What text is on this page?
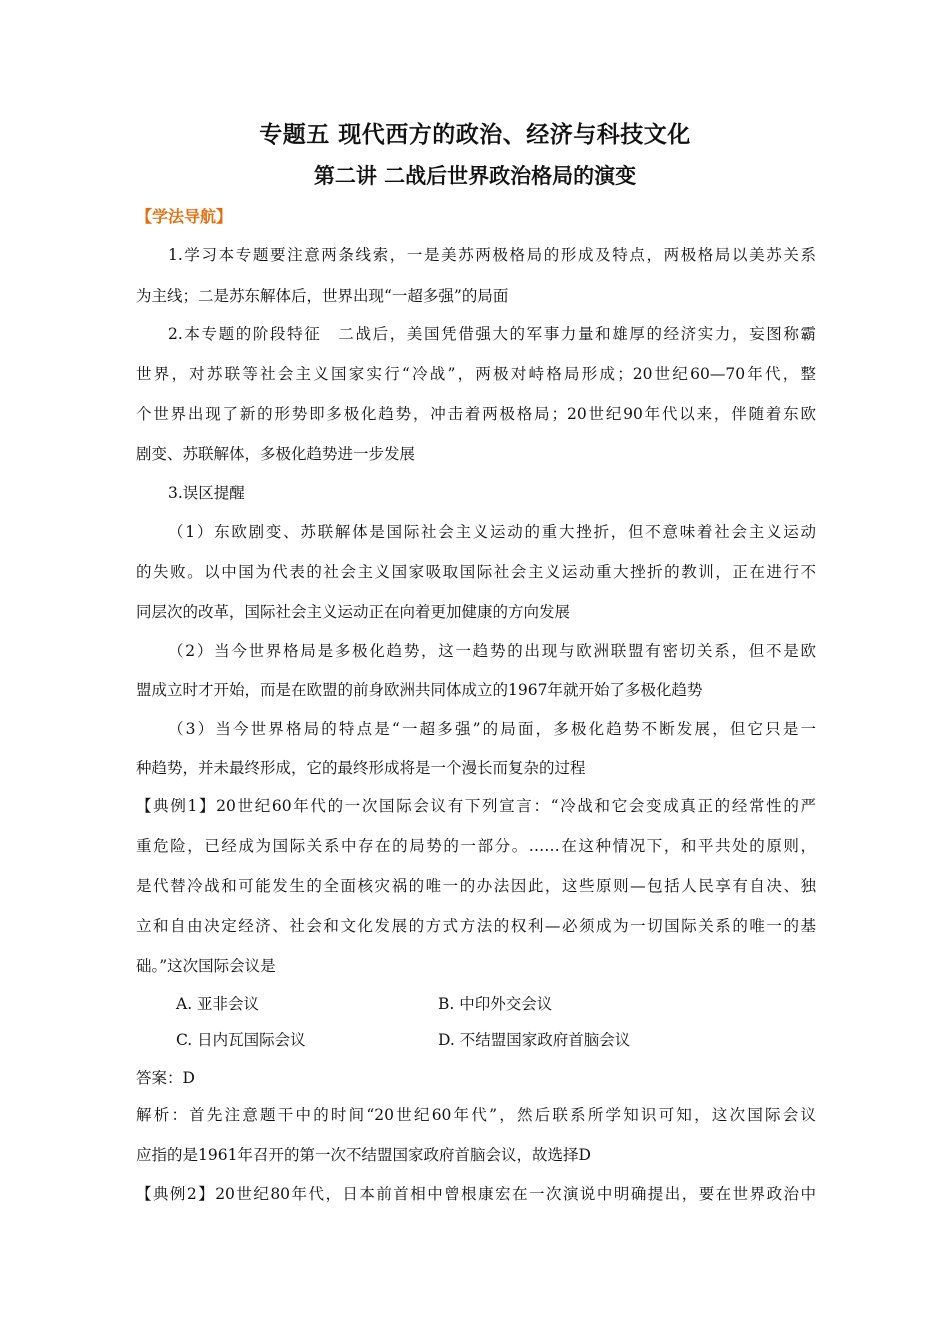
专题五 现代西方的政治、经济与科技文化
第二讲 二战后世界政治格局的演变
【学法导航】
1.学习本专题要注意两条线索，一是美苏两极格局的形成及特点，两极格局以美苏关系
为主线；二是苏东解体后，世界出现“一超多强”的局面
2.本专题的阶段特征　二战后，美国凭借强大的军事力量和雄厚的经济实力，妄图称霸
世界，对苏联等社会主义国家实行“冷战”，两极对峙格局形成；20世纪60—70年代，整
个世界出现了新的形势即多极化趋势，冲击着两极格局；20世纪90年代以来，伴随着东欧
剧变、苏联解体，多极化趋势进一步发展
3.误区提醒
（1）东欧剧变、苏联解体是国际社会主义运动的重大挫折，但不意味着社会主义运动
的失败。以中国为代表的社会主义国家吸取国际社会主义运动重大挫折的教训，正在进行不
同层次的改革，国际社会主义运动正在向着更加健康的方向发展
（2）当今世界格局是多极化趋势，这一趋势的出现与欧洲联盟有密切关系，但不是欧
盟成立时才开始，而是在欧盟的前身欧洲共同体成立的1967年就开始了多极化趋势
（3）当今世界格局的特点是“一超多强”的局面，多极化趋势不断发展，但它只是一
种趋势，并未最终形成，它的最终形成将是一个漫长而复杂的过程
【典例1】20世纪60年代的一次国际会议有下列宣言：“冷战和它会变成真正的经常性的严
重危险，已经成为国际关系中存在的局势的一部分。……在这种情况下，和平共处的原则，
是代替冷战和可能发生的全面核灾祸的唯一的办法因此，这些原则—包括人民享有自决、独
立和自由决定经济、社会和文化发展的方式方法的权利—必须成为一切国际关系的唯一的基
础。”这次国际会议是
A. 亚非会议	B. 中印外交会议
C. 日内瓦国际会议	D. 不结盟国家政府首脑会议
答案：D
解析：首先注意题干中的时间“20世纪60年代”，然后联系所学知识可知，这次国际会议
应指的是1961年召开的第一次不结盟国家政府首脑会议，故选择D
【典例2】20世纪80年代，日本前首相中曾根康宏在一次演说中明确提出，要在世界政治中
